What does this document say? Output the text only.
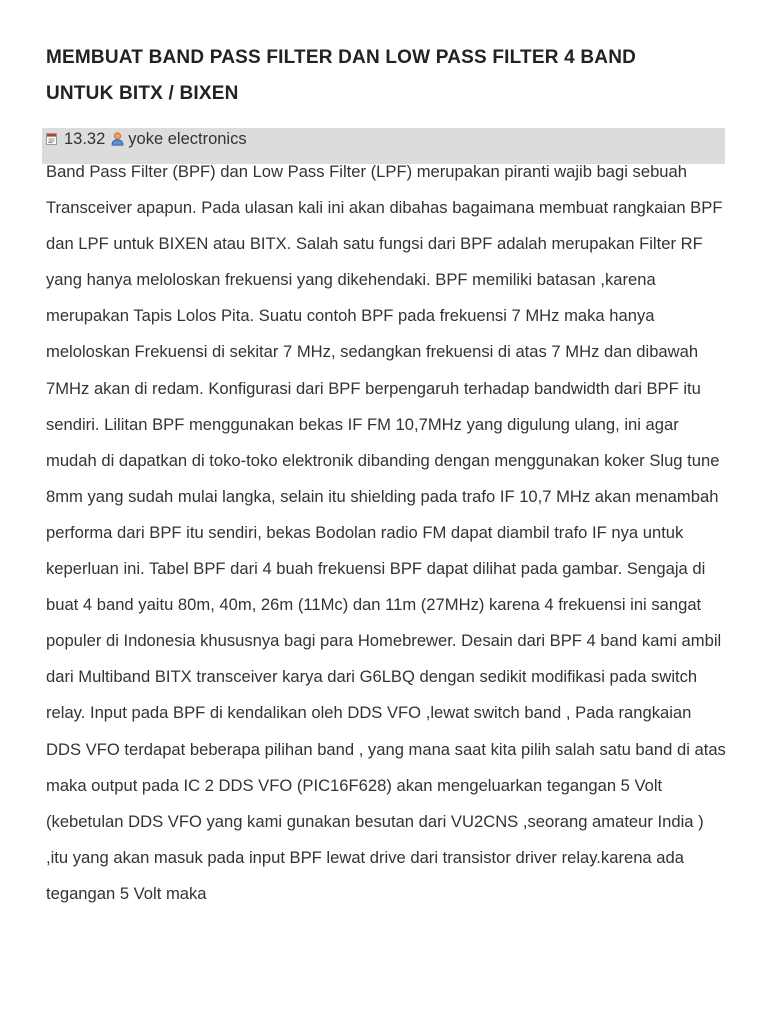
MEMBUAT BAND PASS FILTER DAN LOW PASS FILTER 4 BAND UNTUK BITX / BIXEN
13.32 yoke electronics

Band Pass Filter (BPF) dan Low Pass Filter (LPF) merupakan piranti wajib bagi sebuah Transceiver apapun. Pada ulasan kali ini akan dibahas bagaimana membuat rangkaian BPF dan LPF untuk BIXEN atau BITX. Salah satu fungsi dari BPF adalah merupakan Filter RF yang hanya meloloskan frekuensi yang dikehendaki. BPF memiliki batasan ,karena merupakan Tapis Lolos Pita. Suatu contoh BPF pada frekuensi 7 MHz maka hanya meloloskan Frekuensi di sekitar 7 MHz, sedangkan frekuensi di atas 7 MHz dan dibawah 7MHz akan di redam. Konfigurasi dari BPF berpengaruh terhadap bandwidth dari BPF itu sendiri. Lilitan BPF menggunakan bekas IF FM 10,7MHz yang digulung ulang, ini agar mudah di dapatkan di toko-toko elektronik dibanding dengan menggunakan koker Slug tune 8mm yang sudah mulai langka, selain itu shielding pada trafo IF 10,7 MHz akan menambah performa dari BPF itu sendiri, bekas Bodolan radio FM dapat diambil trafo IF nya untuk keperluan ini. Tabel BPF dari 4 buah frekuensi BPF dapat dilihat pada gambar. Sengaja di buat 4 band yaitu 80m, 40m, 26m (11Mc) dan 11m (27MHz) karena 4 frekuensi ini sangat populer di Indonesia khususnya bagi para Homebrewer. Desain dari BPF 4 band kami ambil dari Multiband BITX transceiver karya dari G6LBQ dengan sedikit modifikasi pada switch relay. Input pada BPF di kendalikan oleh DDS VFO ,lewat switch band , Pada rangkaian DDS VFO terdapat beberapa pilihan band , yang mana saat kita pilih salah satu band di atas maka output pada IC 2 DDS VFO (PIC16F628) akan mengeluarkan tegangan 5 Volt (kebetulan DDS VFO yang kami gunakan besutan dari VU2CNS ,seorang amateur India ) ,itu yang akan masuk pada input BPF lewat drive dari transistor driver relay.karena ada tegangan 5 Volt maka
